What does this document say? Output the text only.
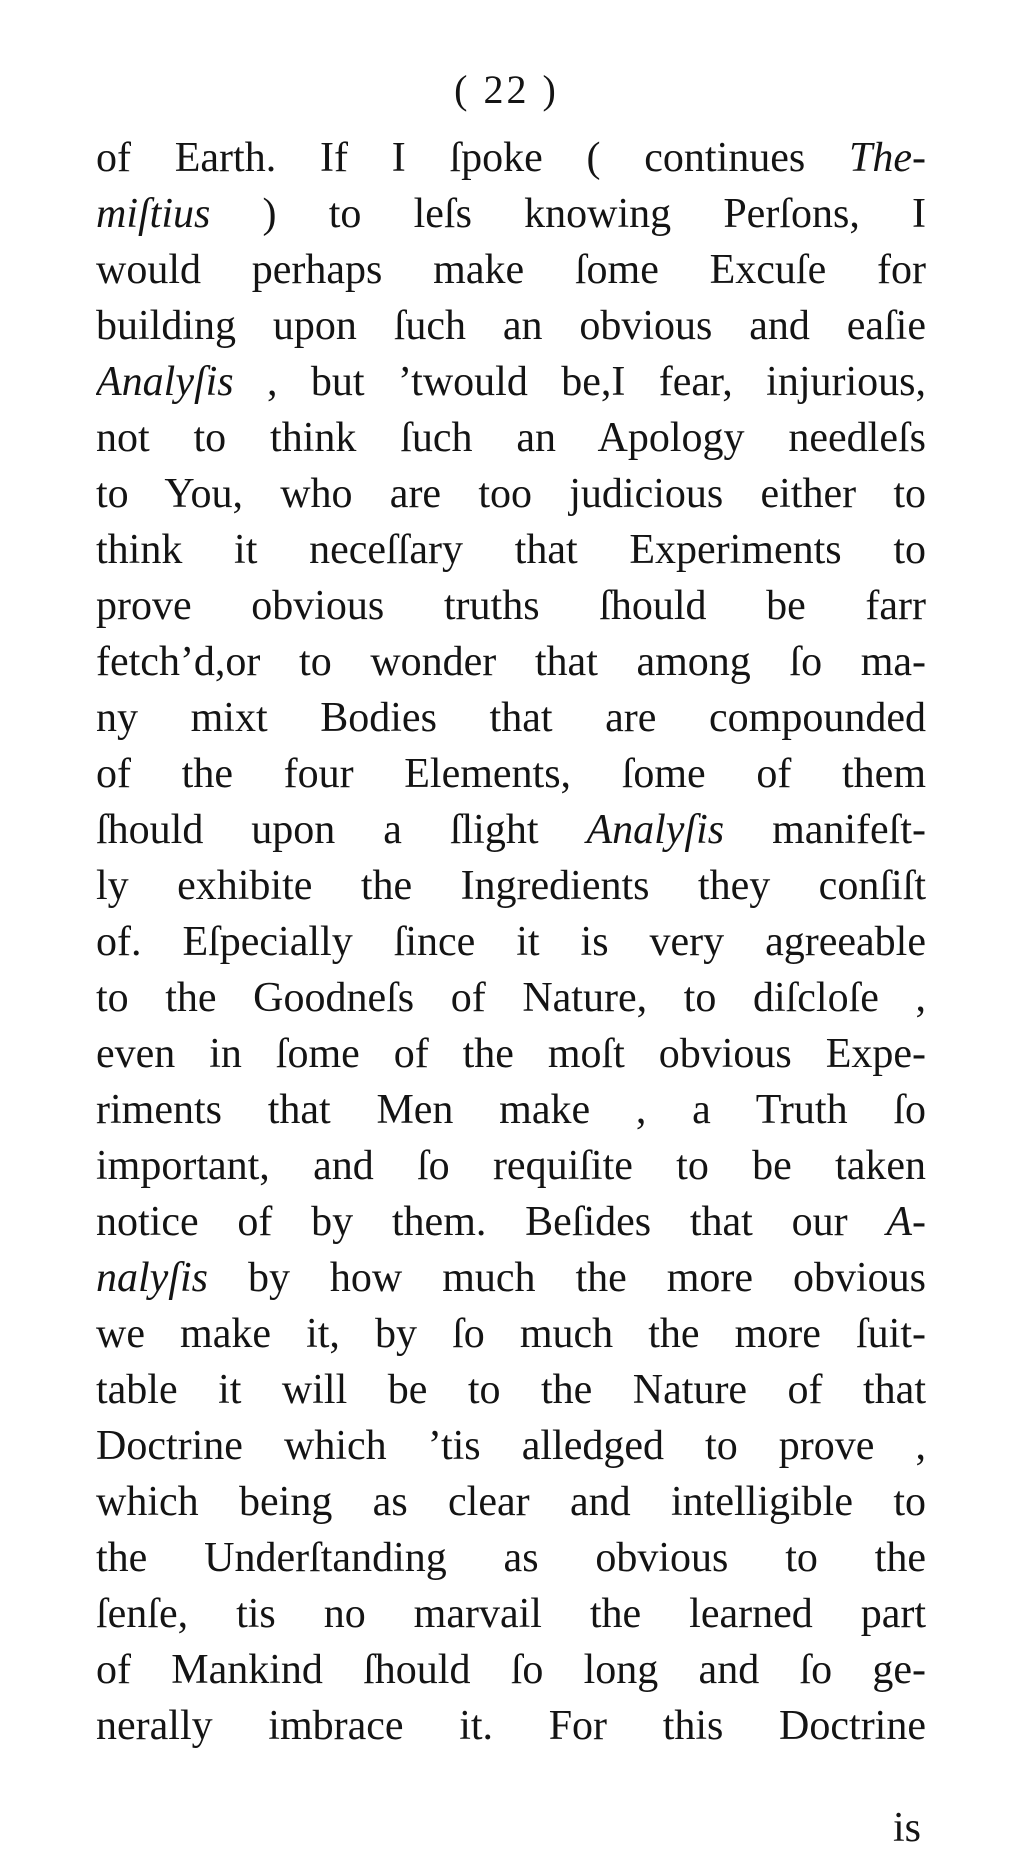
( 22 )
of Earth. If I ſpoke ( continues The-
miſtius ) to leſs knowing Perſons, I
would perhaps make ſome Excuſe for
building upon ſuch an obvious and eaſie
Analyſis , but ’twould be,I fear, injurious,
not to think ſuch an Apology needleſs
to You, who are too judicious either to
think it neceſſary that Experiments to
prove obvious truths ſhould be farr
fetch’d,or to wonder that among ſo ma-
ny mixt Bodies that are compounded
of the four Elements, ſome of them
ſhould upon a ſlight Analyſis manifeſt-
ly exhibite the Ingredients they conſiſt
of. Eſpecially ſince it is very agreeable
to the Goodneſs of Nature, to diſcloſe ,
even in ſome of the moſt obvious Expe-
riments that Men make , a Truth ſo
important, and ſo requiſite to be taken
notice of by them. Beſides that our A-
nalyſis by how much the more obvious
we make it, by ſo much the more ſuit-
table it will be to the Nature of that
Doctrine which ’tis alledged to prove ,
which being as clear and intelligible to
the Underſtanding as obvious to the
ſenſe, tis no marvail the learned part
of Mankind ſhould ſo long and ſo ge-
nerally imbrace it. For this Doctrine
is
